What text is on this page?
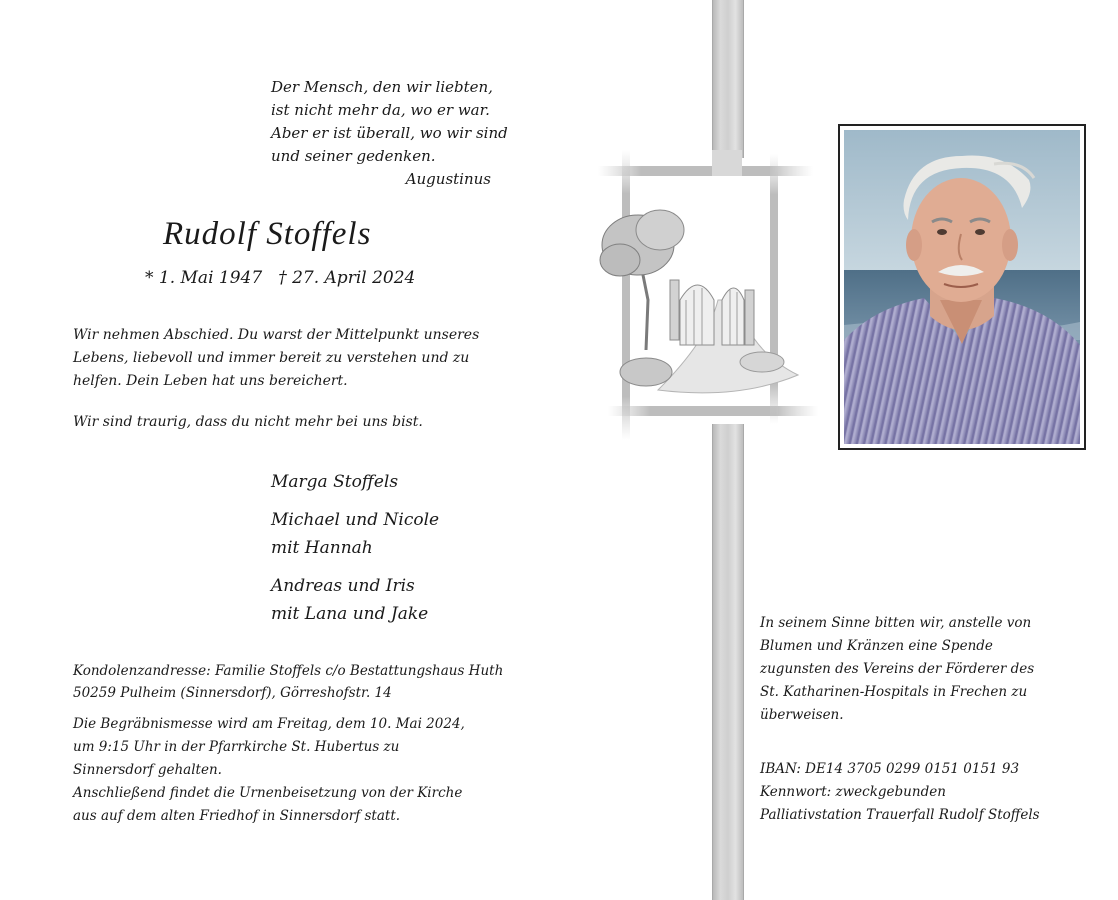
Der Mensch, den wir liebten,
ist nicht mehr da, wo er war.
Aber er ist überall, wo wir sind
und seiner gedenken.
Augustinus
Rudolf Stoffels
* 1. Mai 1947 † 27. April 2024
Wir nehmen Abschied. Du warst der Mittelpunkt unseres Lebens, liebevoll und immer bereit zu verstehen und zu helfen. Dein Leben hat uns bereichert.
Wir sind traurig, dass du nicht mehr bei uns bist.
Marga Stoffels
Michael und Nicole
mit Hannah
Andreas und Iris
mit Lana und Jake
Kondolenzandresse: Familie Stoffels c/o Bestattungshaus Huth
50259 Pulheim (Sinnersdorf), Görreshofstr. 14
Die Begräbnismesse wird am Freitag, dem 10. Mai 2024,
um 9:15 Uhr in der Pfarrkirche St. Hubertus zu
Sinnersdorf gehalten.
Anschließend findet die Urnenbeisetzung von der Kirche
aus auf dem alten Friedhof in Sinnersdorf statt.
In seinem Sinne bitten wir, anstelle von
Blumen und Kränzen eine Spende
zugunsten des Vereins der Förderer des
St. Katharinen-Hospitals in Frechen zu
überweisen.
IBAN: DE14 3705 0299 0151 0151 93
Kennwort: zweckgebunden
Palliativstation Trauerfall Rudolf Stoffels
